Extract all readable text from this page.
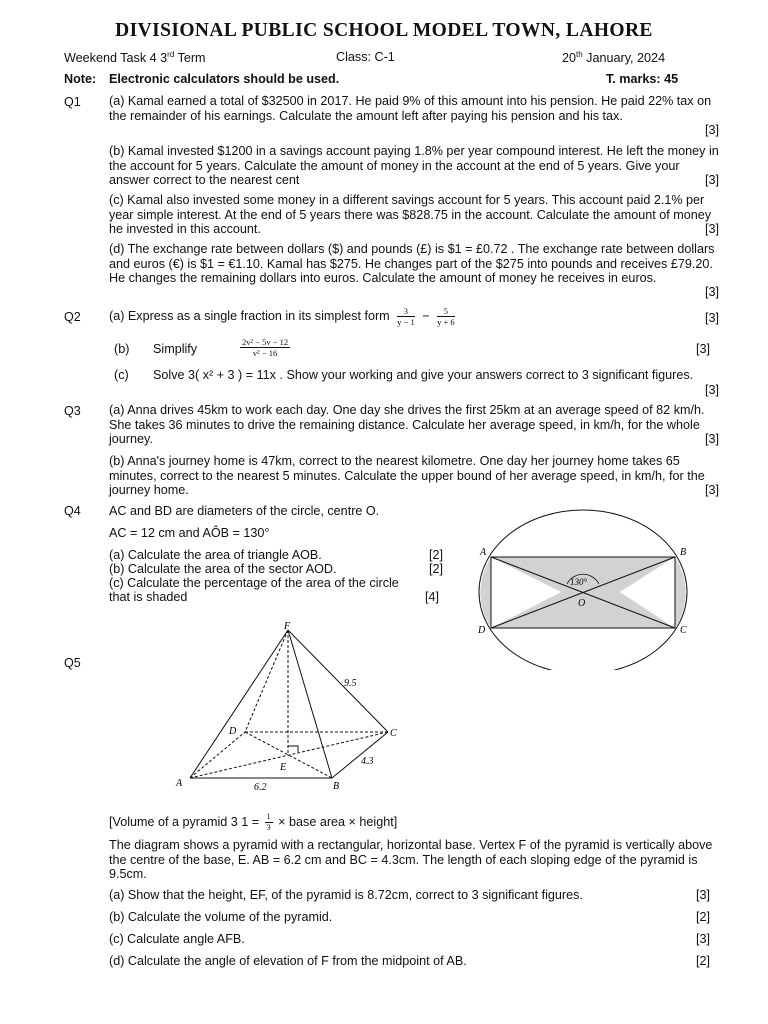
DIVISIONAL PUBLIC SCHOOL MODEL TOWN, LAHORE
Weekend Task 4 3rd Term	Class: C-1	20th January, 2024
Note: Electronic calculators should be used.	T. marks: 45
Q1 (a) Kamal earned a total of $32500 in 2017. He paid 9% of this amount into his pension. He paid 22% tax on the remainder of his earnings. Calculate the amount left after paying his pension and his tax.
[3]
(b) Kamal invested $1200 in a savings account paying 1.8% per year compound interest. He left the money in the account for 5 years. Calculate the amount of money in the account at the end of 5 years. Give your answer correct to the nearest cent	[3]
(c) Kamal also invested some money in a different savings account for 5 years. This account paid 2.1% per year simple interest. At the end of 5 years there was $828.75 in the account. Calculate the amount of money he invested in this account.	[3]
(d) The exchange rate between dollars ($) and pounds (£) is $1 = £0.72 . The exchange rate between dollars and euros (€) is $1 = €1.10. Kamal has $275. He changes part of the $275 into pounds and receives £79.20. He changes the remaining dollars into euros. Calculate the amount of money he receives in euros.
[3]
Q2 (a) Express as a single fraction in its simplest form $\frac{3}{y - 1} - \frac{5}{y + 6}$	[3]
(b) Simplify	$\frac{\text{2v² − 5v − 12}}{\text{v² − 16}}$	[3]
(c) Solve 3( x² + 3 ) = 11x . Show your working and give your answers correct to 3 significant figures.
[3]
Q3 (a) Anna drives 45km to work each day. One day she drives the first 25km at an average speed of 82 km/h. She takes 36 minutes to drive the remaining distance. Calculate her average speed, in km/h, for the whole journey.	[3]
(b) Anna's journey home is 47km, correct to the nearest kilometre. One day her journey home takes 65 minutes, correct to the nearest 5 minutes. Calculate the upper bound of her average speed, in km/h, for the journey home.	[3]
Q4 AC and BD are diameters of the circle, centre O.
AC = 12 cm and AÔB = 130°
(a) Calculate the area of triangle AOB.	[2]
(b) Calculate the area of the sector AOD.	[2]
(c) Calculate the percentage of the area of the circle
that is shaded	[4]
A	B
C
D
O
130°
Q5
F
A	B
C
D
E
9.5
6.2
4.3
[Volume of a pyramid 3 $1 = \frac{1}{3}$ × base area × height]
The diagram shows a pyramid with a rectangular, horizontal base. Vertex F of the pyramid is vertically above the centre of the base, E. AB = 6.2 cm and BC = 4.3cm. The length of each sloping edge of the pyramid is 9.5cm.
(a) Show that the height, EF, of the pyramid is 8.72cm, correct to 3 significant figures.	[3]
(b) Calculate the volume of the pyramid.	[2]
(c) Calculate angle AFB.	[3]
(d) Calculate the angle of elevation of F from the midpoint of AB.	[2]
